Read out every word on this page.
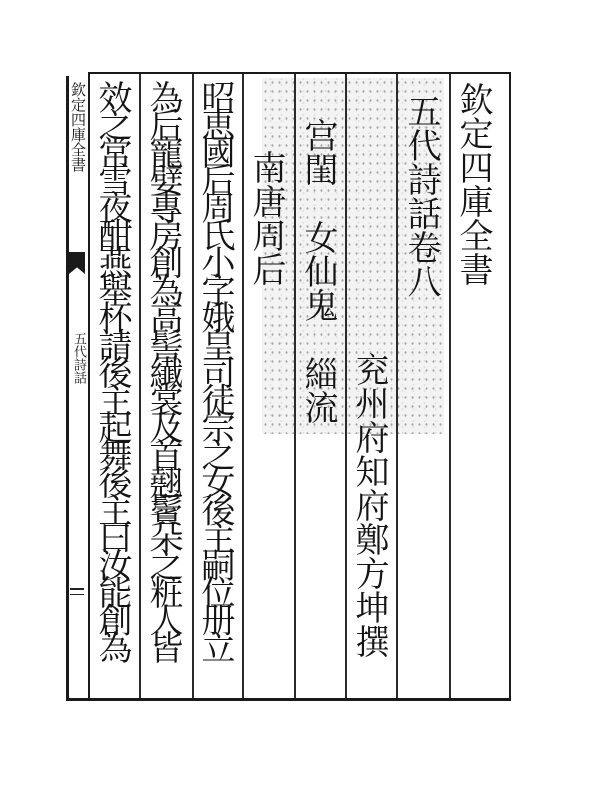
欽定四庫全書
五代詩話卷八
兖州府知府鄭方坤撰
宫閨　女仙鬼　緇流
南唐周后
昭恵國后周氏小字娥皇司徒宗之女後主嗣位册立
為后寵嬖專房創為高髻纎裳及首翹鬢朵之粧人皆
效之常雪夜酣燕舉杯請後主起舞後主曰汝能創為
欽定四庫全書
五代詩話
